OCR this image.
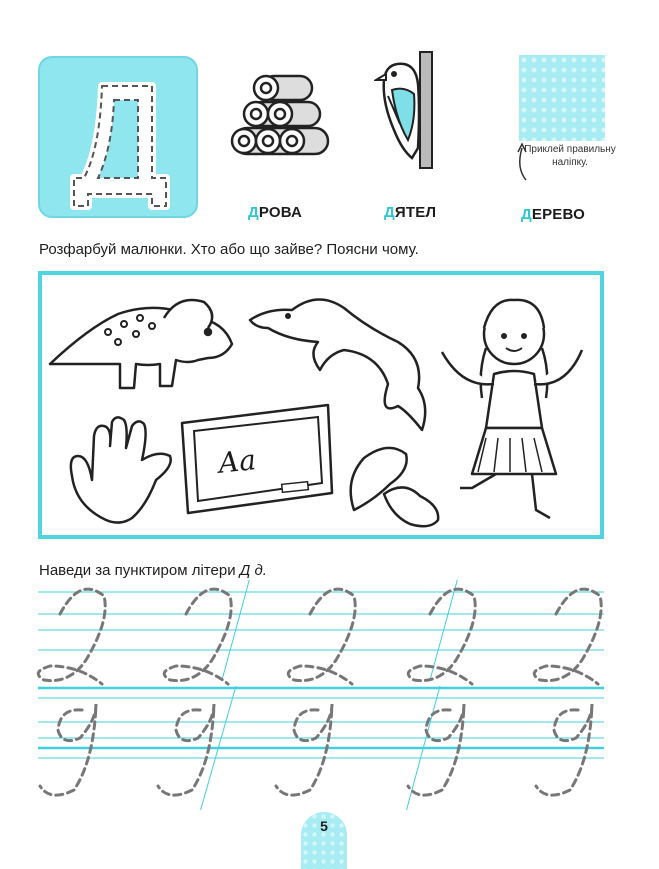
Приклей правильну наліпку.
ДРОВА	ДЯТЕЛ	ДЕРЕВО
Розфарбуй малюнки. Хто або що зайве? Поясни чому.
Аа
Наведи за пунктиром літери Д д.
5
